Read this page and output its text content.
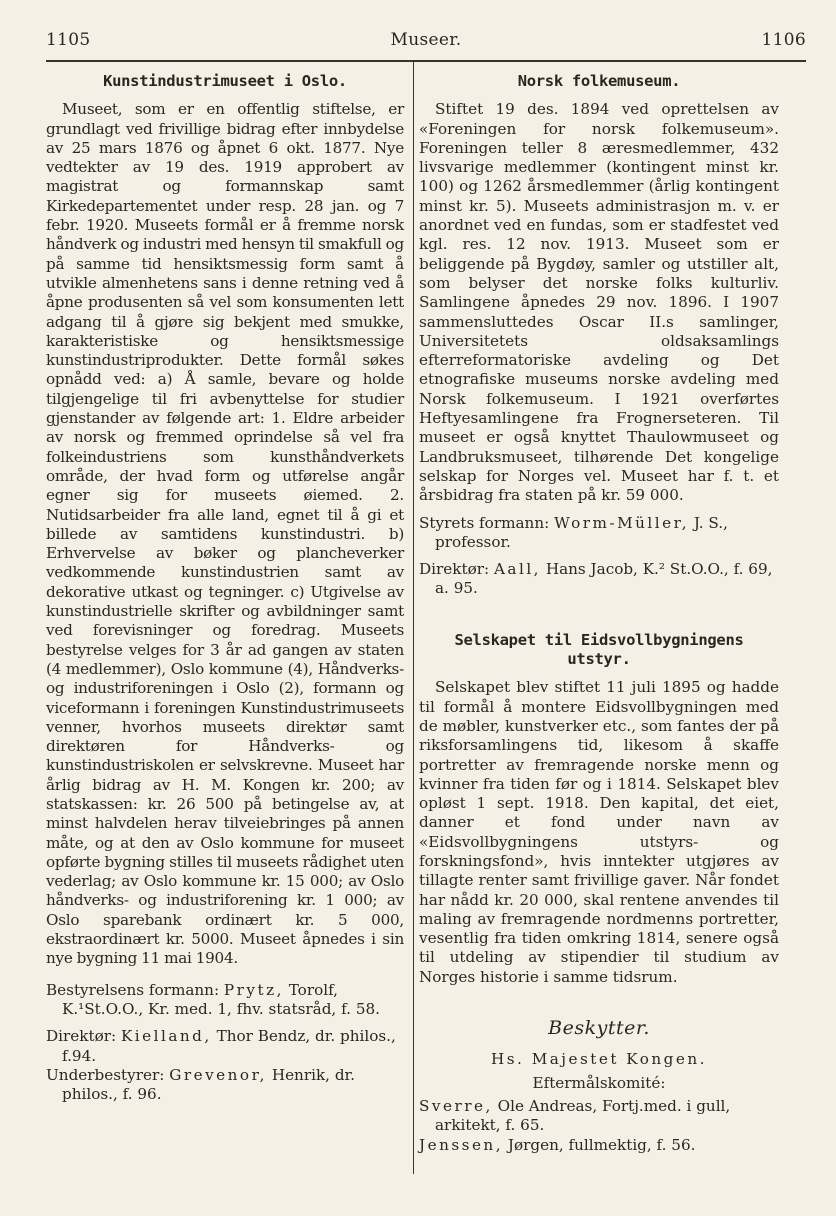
1105	Museer.	1106
Kunstindustrimuseet i Oslo.

Museet, som er en offentlig stiftelse, er grundlagt ved frivillige bidrag efter innbydelse av 25 mars 1876 og åpnet 6 okt. 1877. Nye vedtekter av 19 des. 1919 approbert av magistrat og formannskap samt Kirkedepartementet under resp. 28 jan. og 7 febr. 1920. Museets formål er å fremme norsk håndverk og industri med hensyn til smakfull og på samme tid hensiktsmessig form samt å utvikle almenhetens sans i denne retning ved å åpne produsenten så vel som konsumenten lett adgang til å gjøre sig bekjent med smukke, karakteristiske og hensiktsmessige kunstindustriprodukter. Dette formål søkes opnådd ved: a) Å samle, bevare og holde tilgjengelige til fri avbenyttelse for studier gjenstander av følgende art: 1. Eldre arbeider av norsk og fremmed oprindelse så vel fra folkeindustriens som kunsthåndverkets område, der hvad form og utførelse angår egner sig for museets øiemed. 2. Nutidsarbeider fra alle land, egnet til å gi et billede av samtidens kunstindustri. b) Erhvervelse av bøker og plancheverker vedkommende kunstindustrien samt av dekorative utkast og tegninger. c) Utgivelse av kunstindustrielle skrifter og avbildninger samt ved forevisninger og foredrag. Museets bestyrelse velges for 3 år ad gangen av staten (4 medlemmer), Oslo kommune (4), Håndverks- og industriforeningen i Oslo (2), formann og viceformann i foreningen Kunstindustrimuseets venner, hvorhos museets direktør samt direktøren for Håndverks- og kunstindustriskolen er selvskrevne. Museet har årlig bidrag av H. M. Kongen kr. 200; av statskassen: kr. 26 500 på betingelse av, at minst halvdelen herav tilveiebringes på annen måte, og at den av Oslo kommune for museet opførte bygning stilles til museets rådighet uten vederlag; av Oslo kommune kr. 15 000; av Oslo håndverks- og industriforening kr. 1 000; av Oslo sparebank ordinært kr. 5 000, ekstraordinært kr. 5000. Museet åpnedes i sin nye bygning 11 mai 1904.

Bestyrelsens formann: Prytz, Torolf, K.¹St.O.O., Kr. med. 1, fhv. statsråd, f. 58.

Direktør: Kielland, Thor Bendz, dr. philos., f.94.

Underbestyrer: Grevenor, Henrik, dr. philos., f. 96.

Norsk folkemuseum.

Stiftet 19 des. 1894 ved oprettelsen av «Foreningen for norsk folkemuseum». Foreningen teller 8 æresmedlemmer, 432 livsvarige medlemmer (kontingent minst kr. 100) og 1262 årsmedlemmer (årlig kontingent minst kr. 5). Museets administrasjon m. v. er anordnet ved en fundas, som er stadfestet ved kgl. res. 12 nov. 1913. Museet som er beliggende på Bygdøy, samler og utstiller alt, som belyser det norske folks kulturliv. Samlingene åpnedes 29 nov. 1896. I 1907 sammensluttedes Oscar II.s samlinger, Universitetets oldsaksamlings efterreformatoriske avdeling og Det etnografiske museums norske avdeling med Norsk folkemuseum. I 1921 overførtes Heftyesamlingene fra Frognerseteren. Til museet er også knyttet Thaulowmuseet og Landbruksmuseet, tilhørende Det kongelige selskap for Norges vel. Museet har f. t. et årsbidrag fra staten på kr. 59 000.

Styrets formann: Worm-Müller, J. S., professor.

Direktør: Aall, Hans Jacob, K.² St.O.O., f. 69, a. 95.

Selskapet til Eidsvollbygningens utstyr.

Selskapet blev stiftet 11 juli 1895 og hadde til formål å montere Eidsvollbygningen med de møbler, kunstverker etc., som fantes der på riksforsamlingens tid, likesom å skaffe portretter av fremragende norske menn og kvinner fra tiden før og i 1814. Selskapet blev opløst 1 sept. 1918. Den kapital, det eiet, danner et fond under navn av «Eidsvollbygningens utstyrs- og forskningsfond», hvis inntekter utgjøres av tillagte renter samt frivillige gaver. Når fondet har nådd kr. 20 000, skal rentene anvendes til maling av fremragende nordmenns portretter, vesentlig fra tiden omkring 1814, senere også til utdeling av stipendier til studium av Norges historie i samme tidsrum.

Beskytter.

Hs. Majestet Kongen.

Eftermålskomité:

Sverre, Ole Andreas, Fortj.med. i gull, arkitekt, f. 65.

Jenssen, Jørgen, fullmektig, f. 56.
